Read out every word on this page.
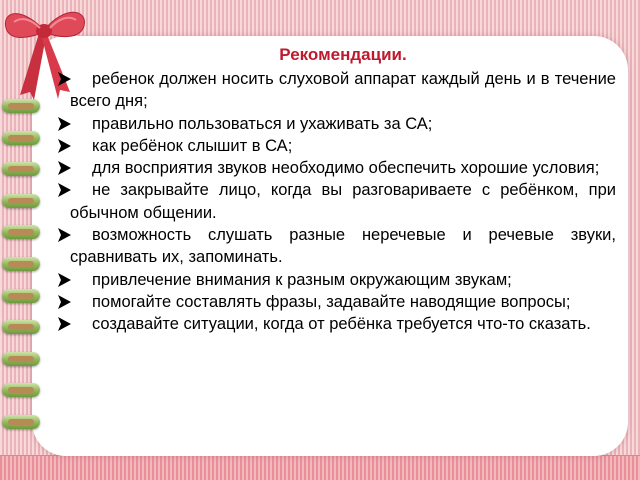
Рекомендации.
ребенок должен носить слуховой аппарат каждый день и в течение всего дня;
правильно пользоваться и ухаживать за СА;
как ребёнок слышит в СА;
для восприятия звуков необходимо обеспечить хорошие условия;
не закрывайте лицо, когда вы разговариваете с ребёнком, при обычном общении.
возможность слушать разные неречевые и речевые звуки, сравнивать их, запоминать.
привлечение внимания к разным окружающим звукам;
помогайте составлять фразы, задавайте наводящие вопросы;
создавайте ситуации, когда от ребёнка требуется что-то сказать.
